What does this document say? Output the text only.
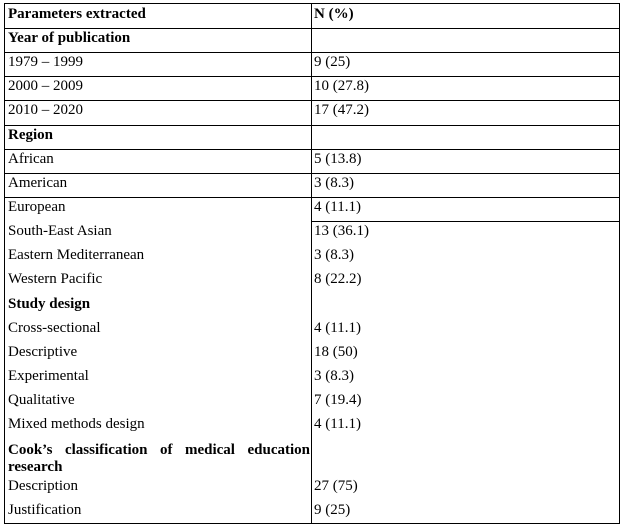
Parameters extracted	N (%)
Year of publication
1979 – 1999	9 (25)
2000 – 2009	10 (27.8)
2010 – 2020	17 (47.2)
Region
African	5 (13.8)
American	3 (8.3)
European	4 (11.1)
South-East Asian	13 (36.1)
Eastern Mediterranean	3 (8.3)
Western Pacific	8 (22.2)
Study design
Cross-sectional	4 (11.1)
Descriptive	18 (50)
Experimental	3 (8.3)
Qualitative	7 (19.4)
Mixed methods design	4 (11.1)
Cook’s classification of medical education research
Description	27 (75)
Justification	9 (25)
